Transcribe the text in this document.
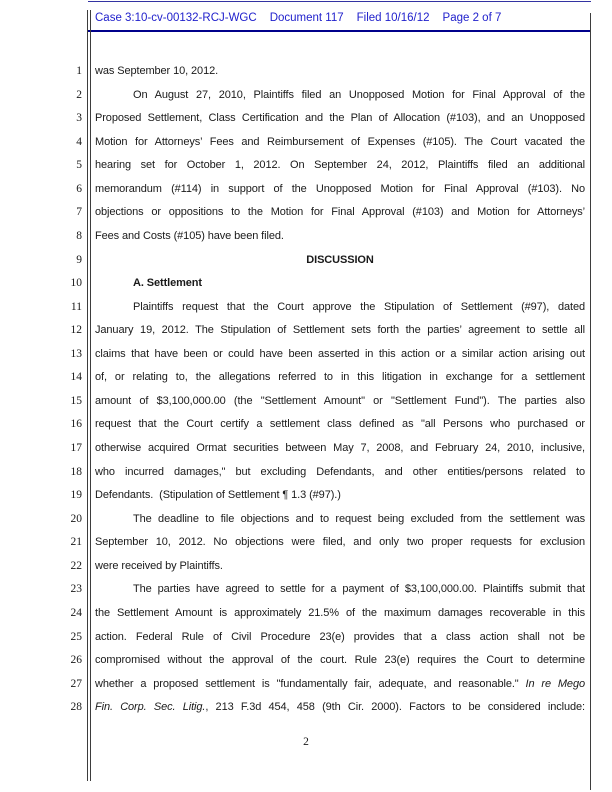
Case 3:10-cv-00132-RCJ-WGC Document 117 Filed 10/16/12 Page 2 of 7
1
2
3
4
5
6
7
8
9
10
11
12
13
14
15
16
17
18
19
20
21
22
23
24
25
26
27
28
was September 10, 2012.
On August 27, 2010, Plaintiffs filed an Unopposed Motion for Final Approval of the
Proposed Settlement, Class Certification and the Plan of Allocation (#103), and an Unopposed
Motion for Attorneys’ Fees and Reimbursement of Expenses (#105). The Court vacated the
hearing set for October 1, 2012. On September 24, 2012, Plaintiffs filed an additional
memorandum (#114) in support of the Unopposed Motion for Final Approval (#103). No
objections or oppositions to the Motion for Final Approval (#103) and Motion for Attorneys’
Fees and Costs (#105) have been filed.
DISCUSSION
A. Settlement
Plaintiffs request that the Court approve the Stipulation of Settlement (#97), dated
January 19, 2012. The Stipulation of Settlement sets forth the parties’ agreement to settle all
claims that have been or could have been asserted in this action or a similar action arising out
of, or relating to, the allegations referred to in this litigation in exchange for a settlement
amount of $3,100,000.00 (the "Settlement Amount" or "Settlement Fund"). The parties also
request that the Court certify a settlement class defined as "all Persons who purchased or
otherwise acquired Ormat securities between May 7, 2008, and February 24, 2010, inclusive,
who incurred damages," but excluding Defendants, and other entities/persons related to
Defendants.  (Stipulation of Settlement ¶ 1.3 (#97).)
The deadline to file objections and to request being excluded from the settlement was
September 10, 2012. No objections were filed, and only two proper requests for exclusion
were received by Plaintiffs.
The parties have agreed to settle for a payment of $3,100,000.00. Plaintiffs submit that
the Settlement Amount is approximately 21.5% of the maximum damages recoverable in this
action. Federal Rule of Civil Procedure 23(e) provides that a class action shall not be
compromised without the approval of the court. Rule 23(e) requires the Court to determine
whether a proposed settlement is "fundamentally fair, adequate, and reasonable." In re Mego
Fin. Corp. Sec. Litig., 213 F.3d 454, 458 (9th Cir. 2000). Factors to be considered include:
2
